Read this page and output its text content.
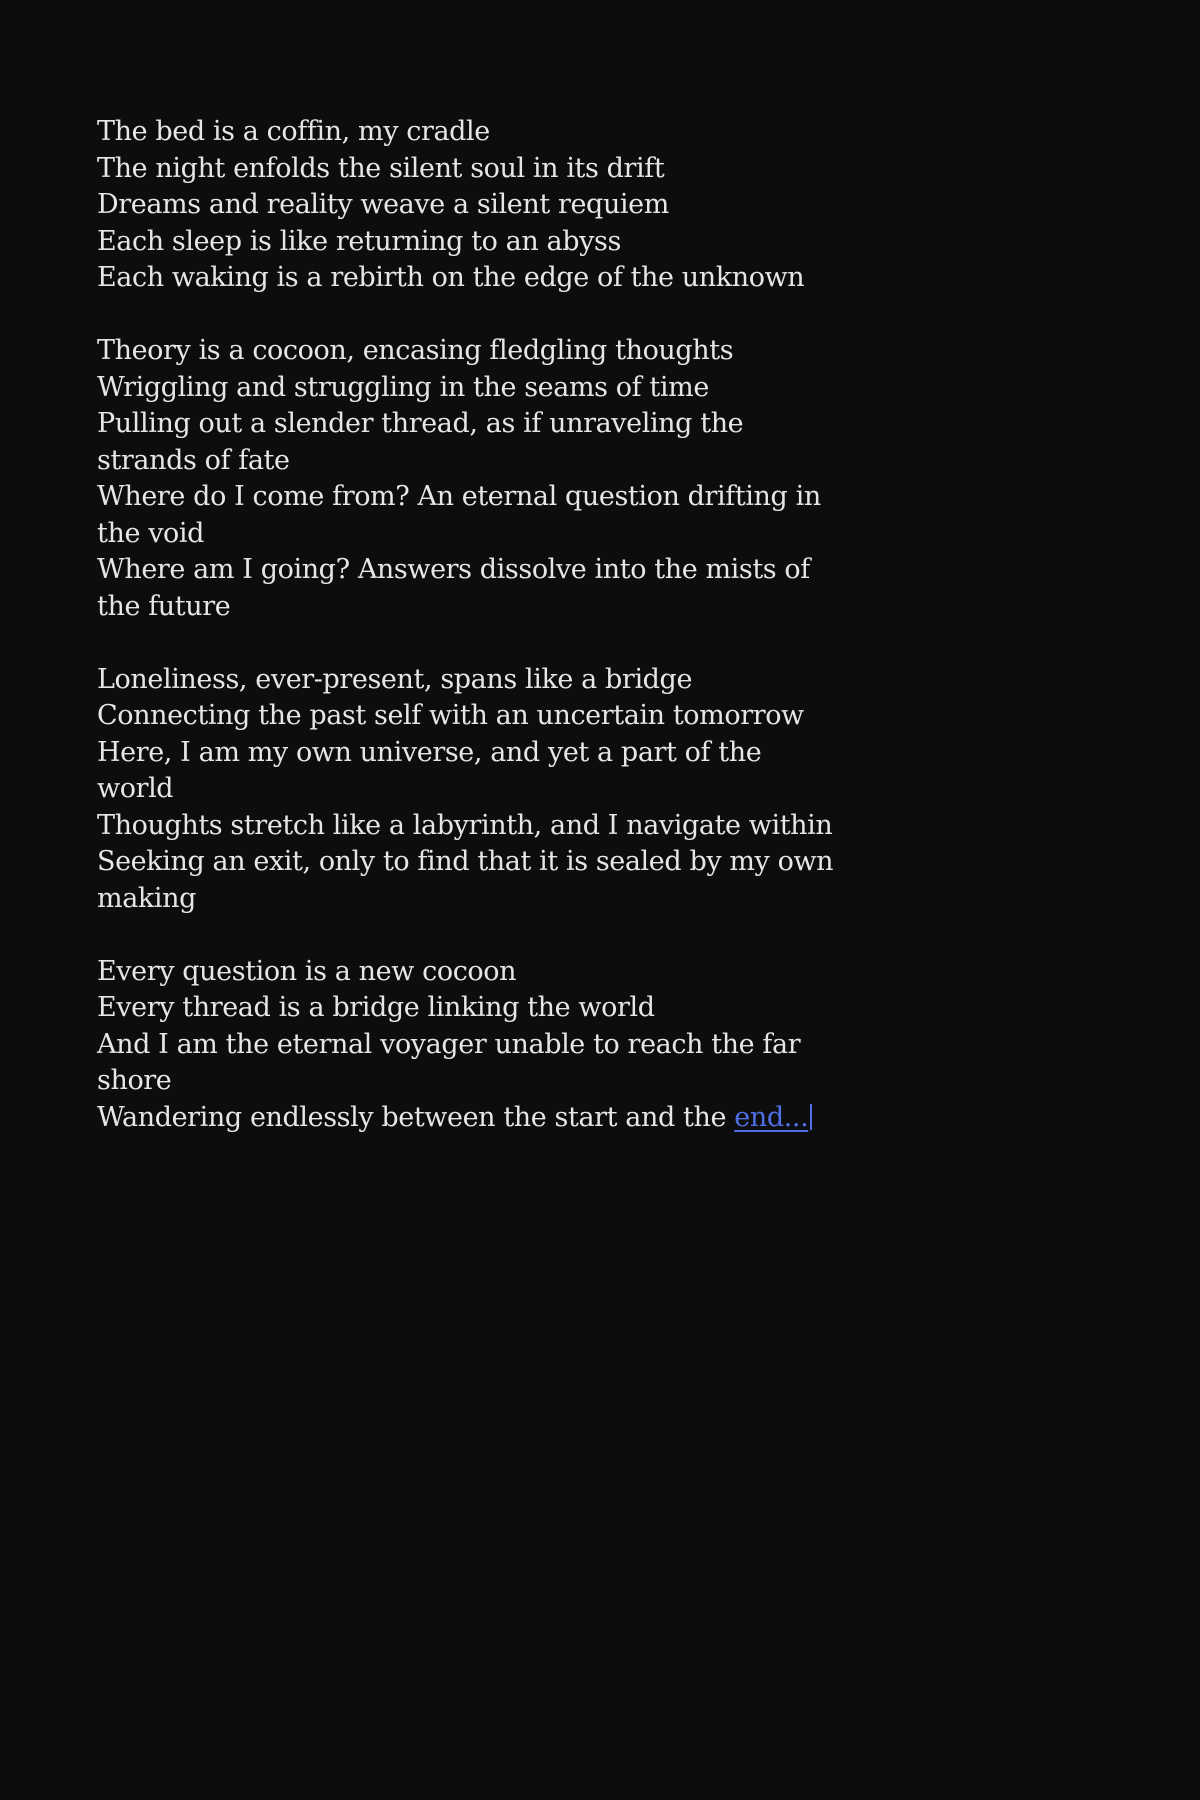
The bed is a coffin, my cradle
The night enfolds the silent soul in its drift
Dreams and reality weave a silent requiem
Each sleep is like returning to an abyss
Each waking is a rebirth on the edge of the unknown

Theory is a cocoon, encasing fledgling thoughts
Wriggling and struggling in the seams of time
Pulling out a slender thread, as if unraveling the strands of fate
Where do I come from? An eternal question drifting in the void
Where am I going? Answers dissolve into the mists of the future

Loneliness, ever-present, spans like a bridge
Connecting the past self with an uncertain tomorrow
Here, I am my own universe, and yet a part of the world
Thoughts stretch like a labyrinth, and I navigate within
Seeking an exit, only to find that it is sealed by my own making

Every question is a new cocoon
Every thread is a bridge linking the world
And I am the eternal voyager unable to reach the far shore
Wandering endlessly between the start and the end...
